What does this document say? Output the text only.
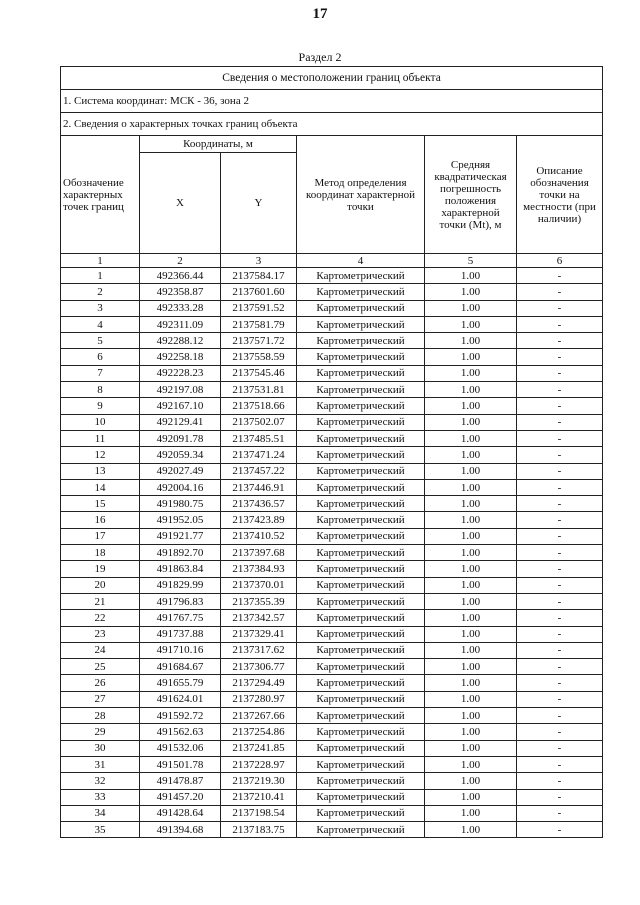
17
Раздел 2
Сведения о местоположении границ объекта					
1. Система координат: МСК - 36, зона 2					
2. Сведения о характерных точках границ объекта					
Обозначение характерных точек границ	Координаты, м		Метод определения координат характерной точки	Средняя квадратическая погрешность положения характерной точки (Mt), м	Описание обозначения точки на местности (при наличии)
	X	Y			
1	2	3	4	5	6
1	492366.44	2137584.17	Картометрический	1.00	-
2	492358.87	2137601.60	Картометрический	1.00	-
3	492333.28	2137591.52	Картометрический	1.00	-
4	492311.09	2137581.79	Картометрический	1.00	-
5	492288.12	2137571.72	Картометрический	1.00	-
6	492258.18	2137558.59	Картометрический	1.00	-
7	492228.23	2137545.46	Картометрический	1.00	-
8	492197.08	2137531.81	Картометрический	1.00	-
9	492167.10	2137518.66	Картометрический	1.00	-
10	492129.41	2137502.07	Картометрический	1.00	-
11	492091.78	2137485.51	Картометрический	1.00	-
12	492059.34	2137471.24	Картометрический	1.00	-
13	492027.49	2137457.22	Картометрический	1.00	-
14	492004.16	2137446.91	Картометрический	1.00	-
15	491980.75	2137436.57	Картометрический	1.00	-
16	491952.05	2137423.89	Картометрический	1.00	-
17	491921.77	2137410.52	Картометрический	1.00	-
18	491892.70	2137397.68	Картометрический	1.00	-
19	491863.84	2137384.93	Картометрический	1.00	-
20	491829.99	2137370.01	Картометрический	1.00	-
21	491796.83	2137355.39	Картометрический	1.00	-
22	491767.75	2137342.57	Картометрический	1.00	-
23	491737.88	2137329.41	Картометрический	1.00	-
24	491710.16	2137317.62	Картометрический	1.00	-
25	491684.67	2137306.77	Картометрический	1.00	-
26	491655.79	2137294.49	Картометрический	1.00	-
27	491624.01	2137280.97	Картометрический	1.00	-
28	491592.72	2137267.66	Картометрический	1.00	-
29	491562.63	2137254.86	Картометрический	1.00	-
30	491532.06	2137241.85	Картометрический	1.00	-
31	491501.78	2137228.97	Картометрический	1.00	-
32	491478.87	2137219.30	Картометрический	1.00	-
33	491457.20	2137210.41	Картометрический	1.00	-
34	491428.64	2137198.54	Картометрический	1.00	-
35	491394.68	2137183.75	Картометрический	1.00	-
